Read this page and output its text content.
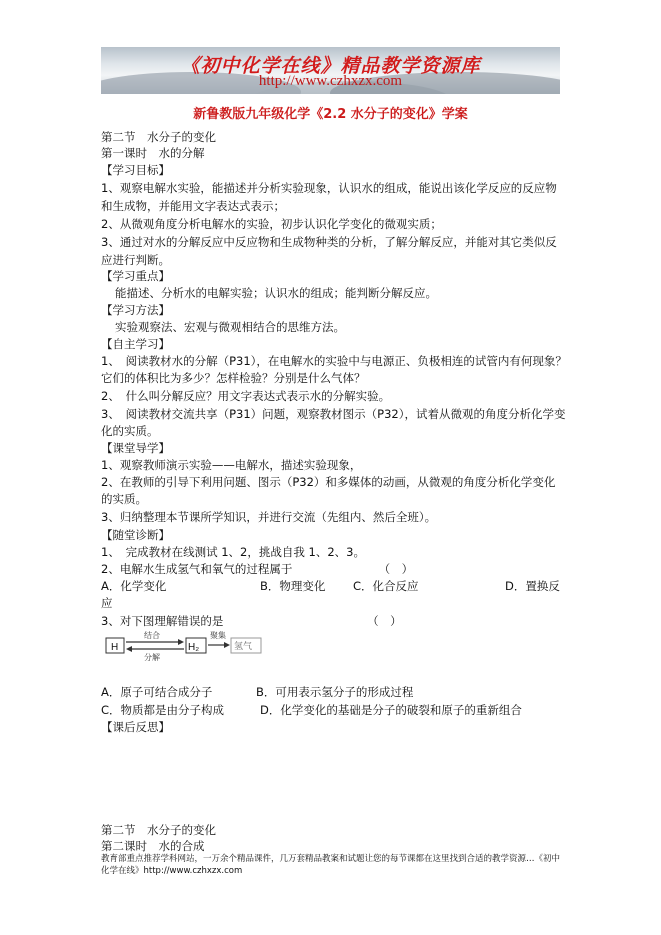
《初中化学在线》精品教学资源库
http://www.czhxzx.com
新鲁教版九年级化学《2.2 水分子的变化》学案
第二节　水分子的变化
第一课时　水的分解
【学习目标】
1、观察电解水实验，能描述并分析实验现象，认识水的组成，能说出该化学反应的反应物
和生成物，并能用文字表达式表示；
2、从微观角度分析电解水的实验，初步认识化学变化的微观实质；
3、通过对水的分解反应中反应物和生成物种类的分析，了解分解反应，并能对其它类似反
应进行判断。
【学习重点】
能描述、分析水的电解实验；认识水的组成；能判断分解反应。
【学习方法】
实验观察法、宏观与微观相结合的思维方法。
【自主学习】
1、　阅读教材水的分解（P31），在电解水的实验中与电源正、负极相连的试管内有何现象？
它们的体积比为多少？怎样检验？分别是什么气体？
2、　什么叫分解反应？用文字表达式表示水的分解实验。
3、　阅读教材交流共享（P31）问题，观察教材图示（P32），试着从微观的角度分析化学变
化的实质。
【课堂导学】
1、观察教师演示实验——电解水，描述实验现象，
2、在教师的引导下利用问题、图示（P32）和多媒体的动画，从微观的角度分析化学变化
的实质。
3、归纳整理本节课所学知识，并进行交流（先组内、然后全班）。
【随堂诊断】
1、　完成教材在线测试 1、2，挑战自我 1、2、3。
2、电解水生成氢气和氧气的过程属于　　　　　　　　（　）
A．化学变化	B．物理变化 C．化合反应	D．置换反
应
3、对下图理解错误的是　　　　　　　　　　　　　（　）
H
结合
分解
H₂
聚集
氢气
A．原子可结合成分子	B．可用表示氢分子的形成过程
C．物质都是由分子构成	D．化学变化的基础是分子的破裂和原子的重新组合
【课后反思】
第二节　水分子的变化
第二课时　水的合成
教育部重点推荐学科网站，一万余个精品课件，几万套精品教案和试题让您的每节课都在这里找到合适的教学资源…《初中化学在线》http://www.czhxzx.com
